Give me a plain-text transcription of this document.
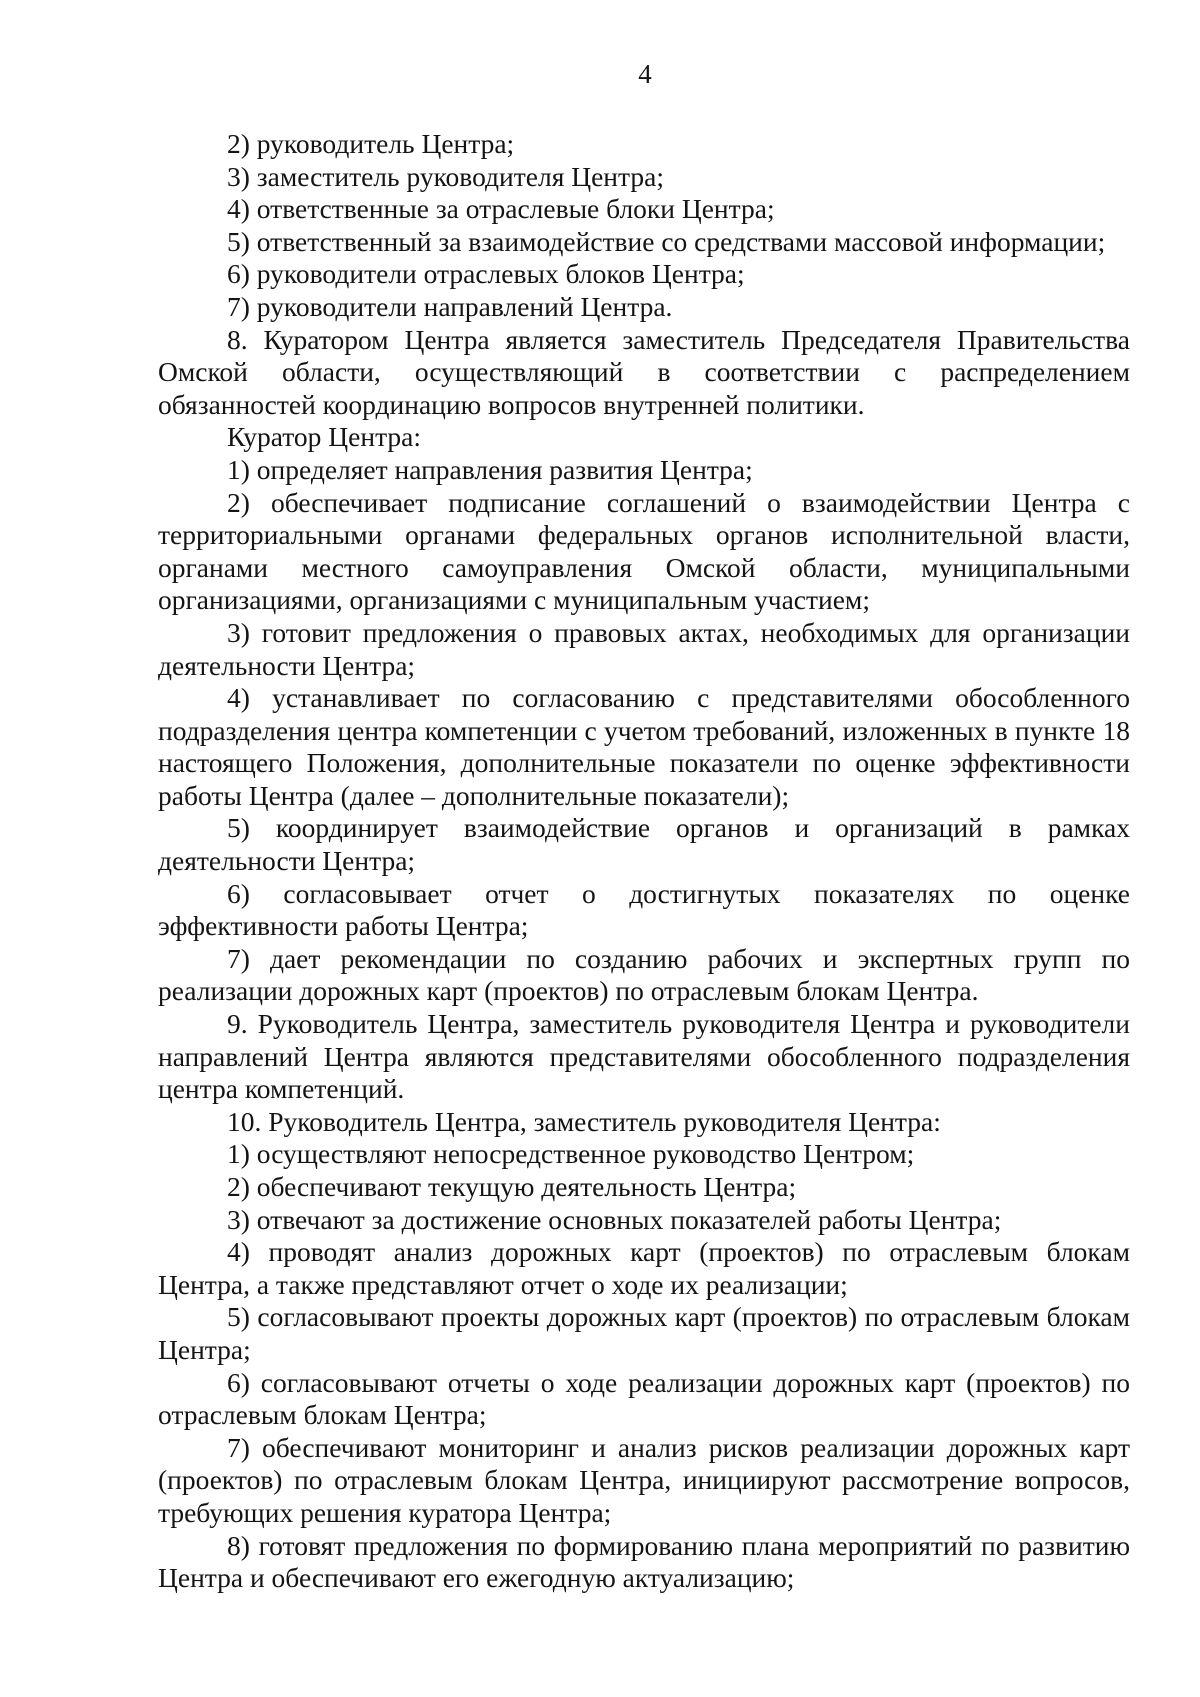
4

2) руководитель Центра;

3) заместитель руководителя Центра;

4) ответственные за отраслевые блоки Центра;

5) ответственный за взаимодействие со средствами массовой информации;

6) руководители отраслевых блоков Центра;

7) руководители направлений Центра.

8. Куратором Центра является заместитель Председателя Правительства Омской области, осуществляющий в соответствии с распределением обязанностей координацию вопросов внутренней политики.

Куратор Центра:

1) определяет направления развития Центра;

2) обеспечивает подписание соглашений о взаимодействии Центра с территориальными органами федеральных органов исполнительной власти, органами местного самоуправления Омской области, муниципальными организациями, организациями с муниципальным участием;

3) готовит предложения о правовых актах, необходимых для организации деятельности Центра;

4) устанавливает по согласованию с представителями обособленного подразделения центра компетенции с учетом требований, изложенных в пункте 18 настоящего Положения, дополнительные показатели по оценке эффективности работы Центра (далее – дополнительные показатели);

5) координирует взаимодействие органов и организаций в рамках деятельности Центра;

6) согласовывает отчет о достигнутых показателях по оценке эффективности работы Центра;

7) дает рекомендации по созданию рабочих и экспертных групп по реализации дорожных карт (проектов) по отраслевым блокам Центра.

9. Руководитель Центра, заместитель руководителя Центра и руководители направлений Центра являются представителями обособленного подразделения центра компетенций.

10. Руководитель Центра, заместитель руководителя Центра:

1) осуществляют непосредственное руководство Центром;

2) обеспечивают текущую деятельность Центра;

3) отвечают за достижение основных показателей работы Центра;

4) проводят анализ дорожных карт (проектов) по отраслевым блокам Центра, а также представляют отчет о ходе их реализации;

5) согласовывают проекты дорожных карт (проектов) по отраслевым блокам Центра;

6) согласовывают отчеты о ходе реализации дорожных карт (проектов) по отраслевым блокам Центра;

7) обеспечивают мониторинг и анализ рисков реализации дорожных карт (проектов) по отраслевым блокам Центра, инициируют рассмотрение вопросов, требующих решения куратора Центра;

8) готовят предложения по формированию плана мероприятий по развитию Центра и обеспечивают его ежегодную актуализацию;
